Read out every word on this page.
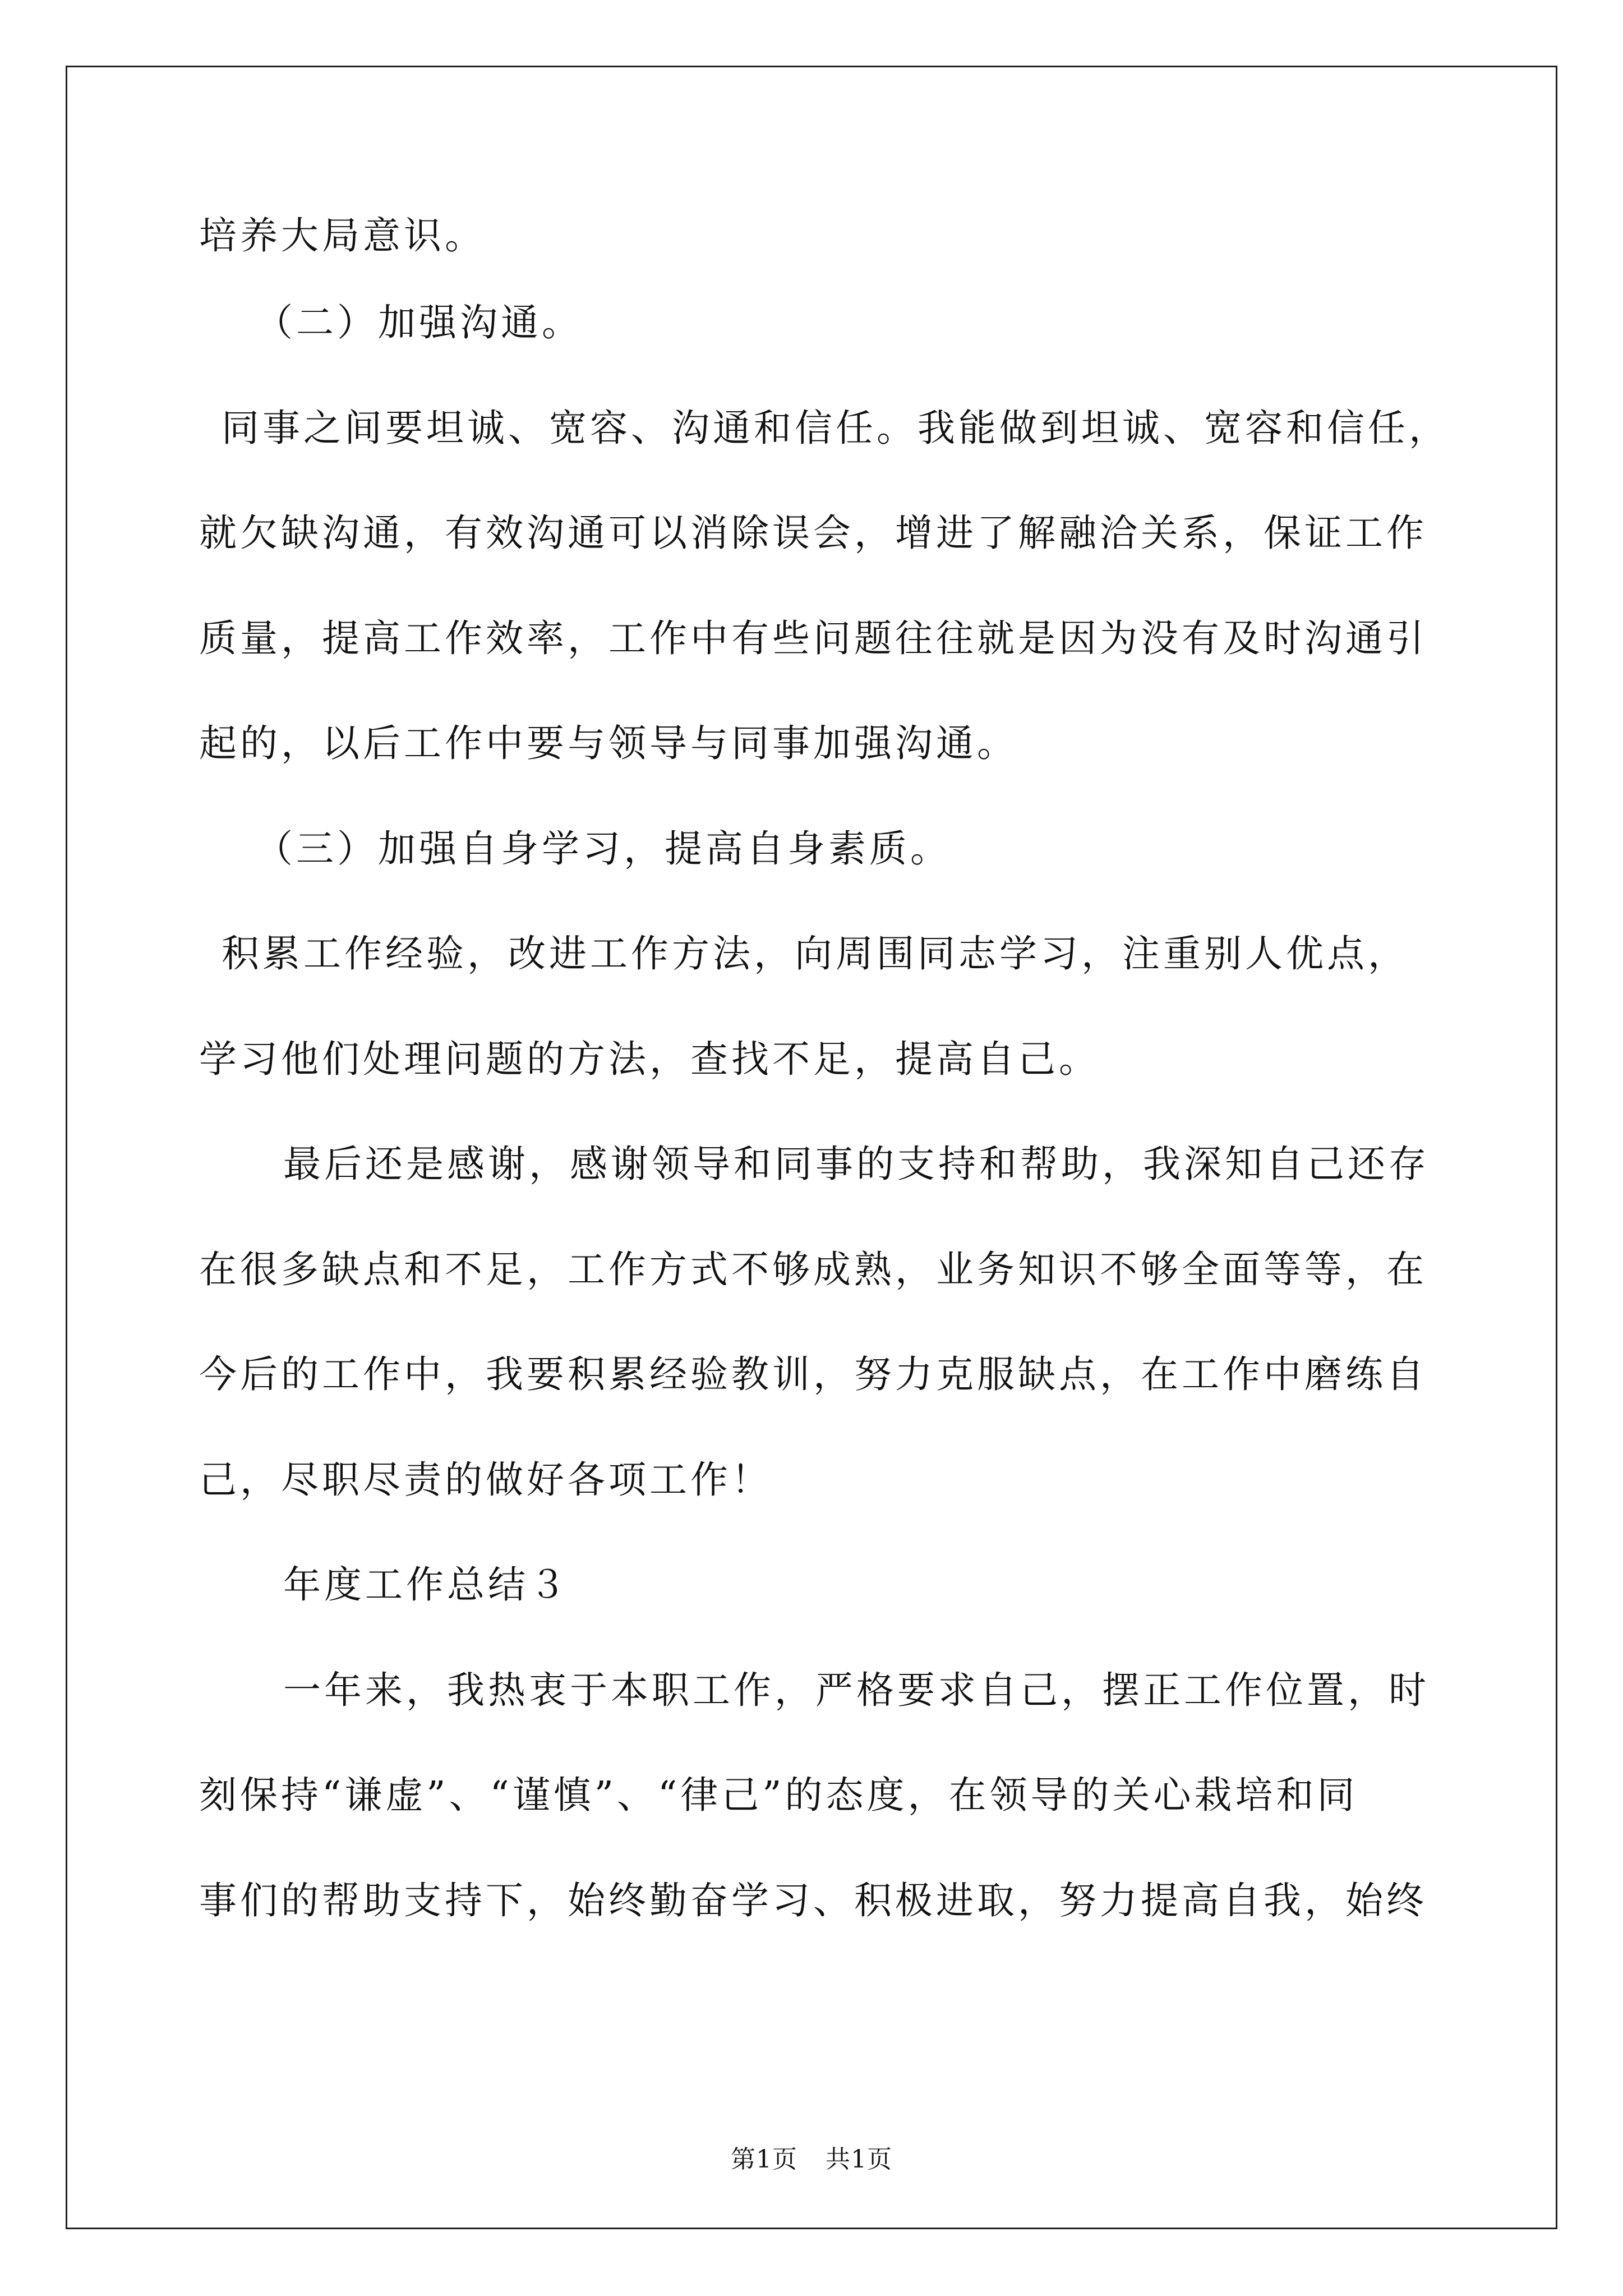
培养大局意识。
（二）加强沟通。
同事之间要坦诚、宽容、沟通和信任。我能做到坦诚、宽容和信任，
就欠缺沟通，有效沟通可以消除误会，增进了解融洽关系，保证工作
质量，提高工作效率，工作中有些问题往往就是因为没有及时沟通引
起的，以后工作中要与领导与同事加强沟通。
（三）加强自身学习，提高自身素质。
积累工作经验，改进工作方法，向周围同志学习，注重别人优点，
学习他们处理问题的方法，查找不足，提高自己。
最后还是感谢，感谢领导和同事的支持和帮助，我深知自己还存
在很多缺点和不足，工作方式不够成熟，业务知识不够全面等等，在
今后的工作中，我要积累经验教训，努力克服缺点，在工作中磨练自
己，尽职尽责的做好各项工作！
年度工作总结３
一年来，我热衷于本职工作，严格要求自己，摆正工作位置，时
刻保持“谦虚”、“谨慎”、“律己”的态度，在领导的关心栽培和同
事们的帮助支持下，始终勤奋学习、积极进取，努力提高自我，始终
第1页 共1页
